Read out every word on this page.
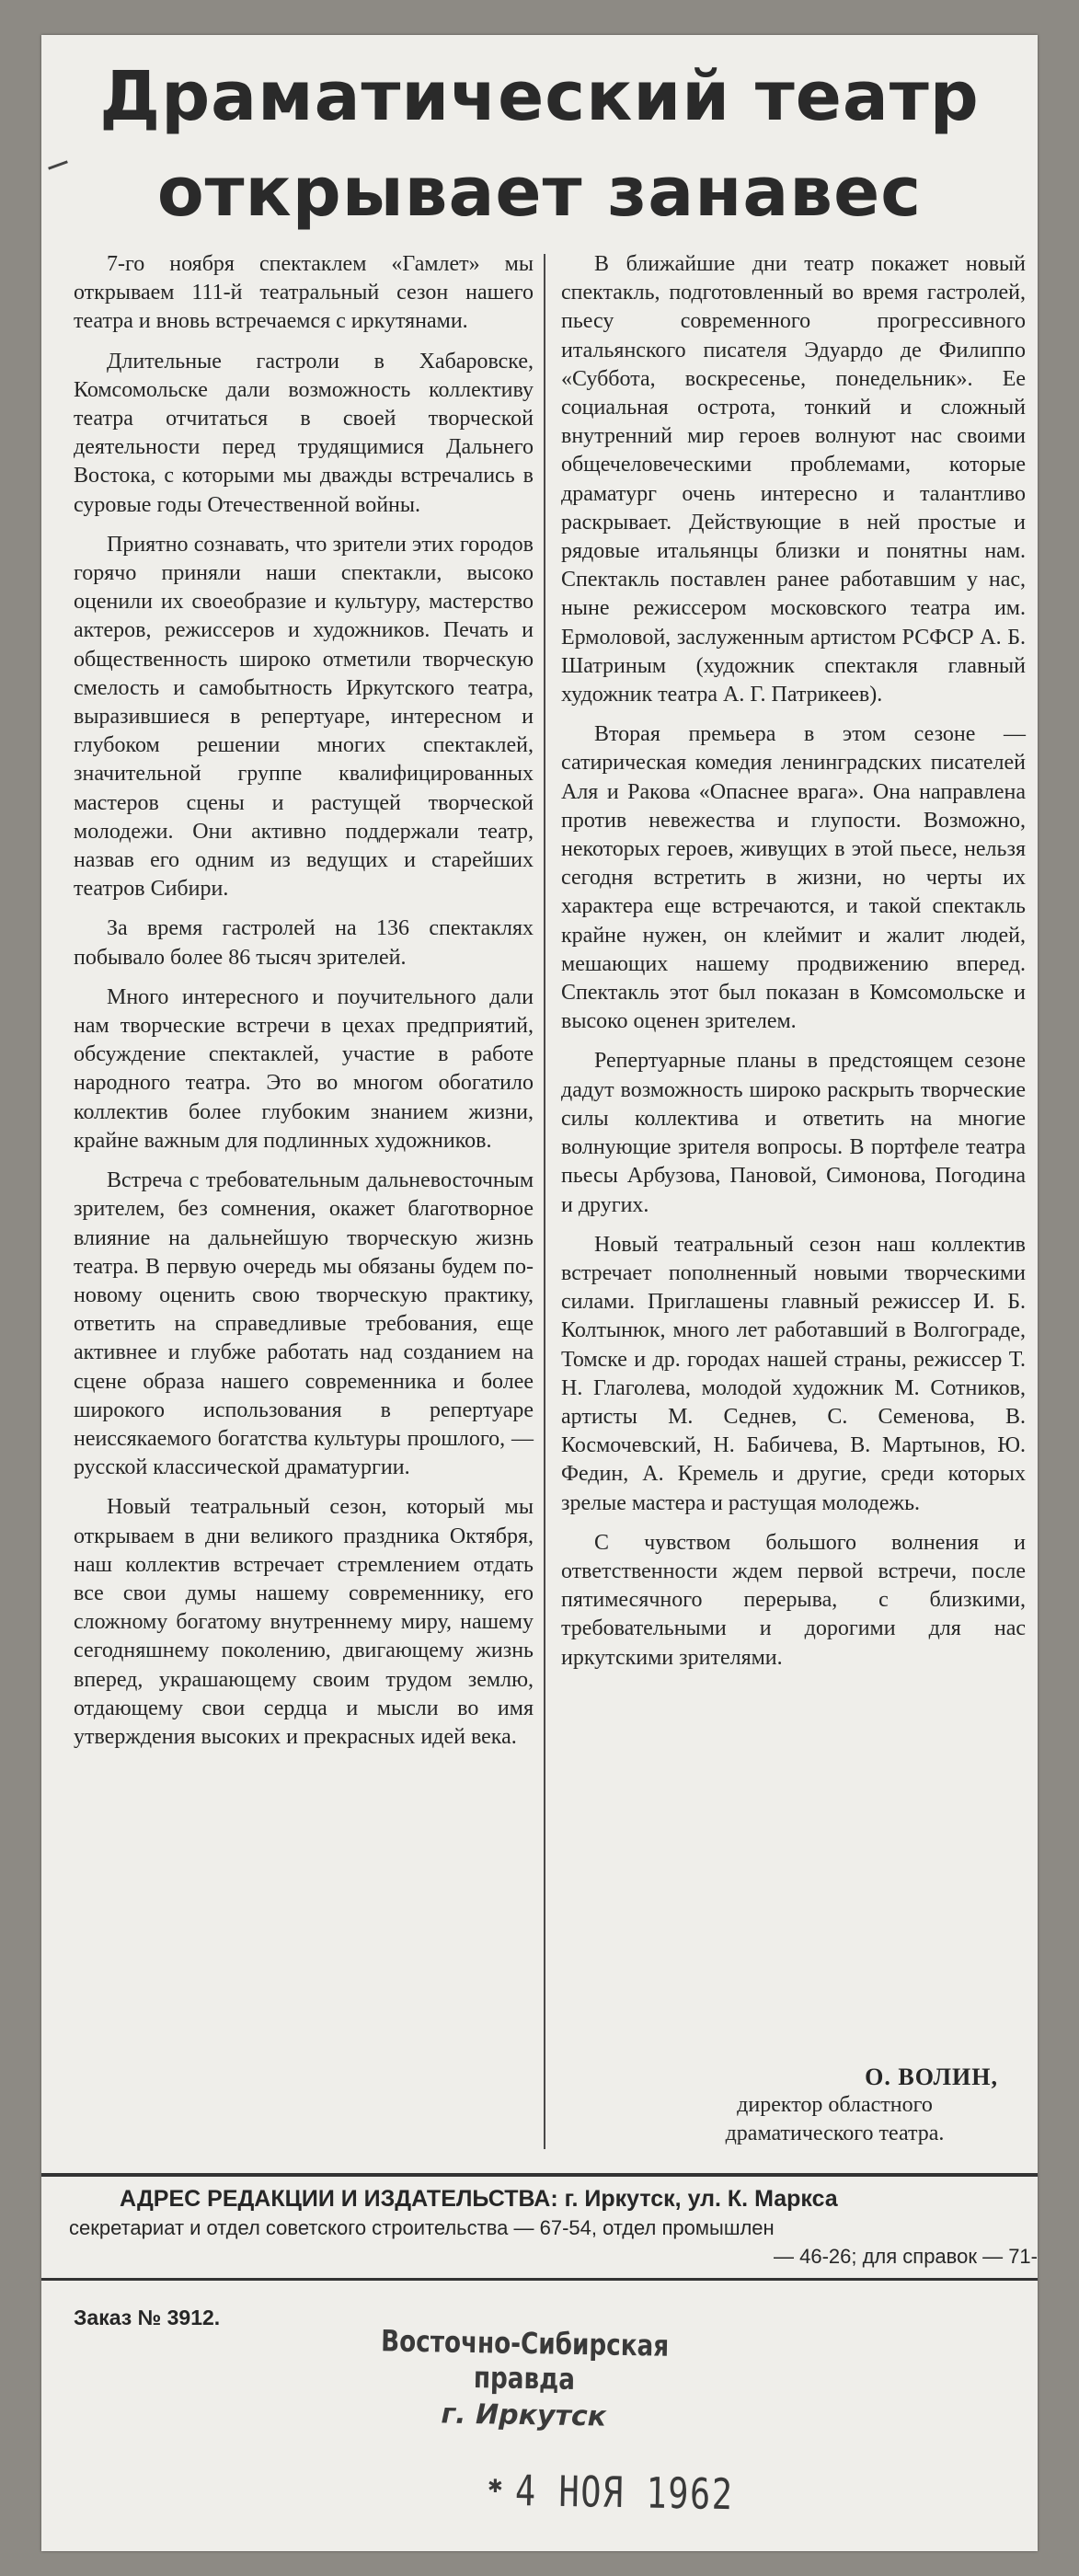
Драматический театр
открывает занавес

7-го ноября спектаклем «Гамлет» мы открываем 111-й театральный сезон нашего театра и вновь встречаемся с иркутянами.

Длительные гастроли в Хабаровске, Комсомольске дали возможность коллективу театра отчитаться в своей творческой деятельности перед трудящимися Дальнего Востока, с которыми мы дважды встречались в суровые годы Отечественной войны.

Приятно сознавать, что зрители этих городов горячо приняли наши спектакли, высоко оценили их своеобразие и культуру, мастерство актеров, режиссеров и художников. Печать и общественность широко отметили творческую смелость и самобытность Иркутского театра, выразившиеся в репертуаре, интересном и глубоком решении многих спектаклей, значительной группе квалифицированных мастеров сцены и растущей творческой молодежи. Они активно поддержали театр, назвав его одним из ведущих и старейших театров Сибири.

За время гастролей на 136 спектаклях побывало более 86 тысяч зрителей.

Много интересного и поучительного дали нам творческие встречи в цехах предприятий, обсуждение спектаклей, участие в работе народного театра. Это во многом обогатило коллектив более глубоким знанием жизни, крайне важным для подлинных художников.

Встреча с требовательным дальневосточным зрителем, без сомнения, окажет благотворное влияние на дальнейшую творческую жизнь театра. В первую очередь мы обязаны будем по-новому оценить свою творческую практику, ответить на справедливые требования, еще активнее и глубже работать над созданием на сцене образа нашего современника и более широкого использования в репертуаре неиссякаемого богатства культуры прошлого, — русской классической драматургии.

Новый театральный сезон, который мы открываем в дни великого праздника Октября, наш коллектив встречает стремлением отдать все свои думы нашему современнику, его сложному богатому внутреннему миру, нашему сегодняшнему поколению, двигающему жизнь вперед, украшающему своим трудом землю, отдающему свои сердца и мысли во имя утверждения высоких и прекрасных идей века.

В ближайшие дни театр покажет новый спектакль, подготовленный во время гастролей, пьесу современного прогрессивного итальянского писателя Эдуардо де Филиппо «Суббота, воскресенье, понедельник». Ее социальная острота, тонкий и сложный внутренний мир героев волнуют нас своими общечеловеческими проблемами, которые драматург очень интересно и талантливо раскрывает. Действующие в ней простые и рядовые итальянцы близки и понятны нам. Спектакль поставлен ранее работавшим у нас, ныне режиссером московского театра им. Ермоловой, заслуженным артистом РСФСР А. Б. Шатриным (художник спектакля главный художник театра А. Г. Патрикеев).

Вторая премьера в этом сезоне — сатирическая комедия ленинградских писателей Аля и Ракова «Опаснее врага». Она направлена против невежества и глупости. Возможно, некоторых героев, живущих в этой пьесе, нельзя сегодня встретить в жизни, но черты их характера еще встречаются, и такой спектакль крайне нужен, он клеймит и жалит людей, мешающих нашему продвижению вперед. Спектакль этот был показан в Комсомольске и высоко оценен зрителем.

Репертуарные планы в предстоящем сезоне дадут возможность широко раскрыть творческие силы коллектива и ответить на многие волнующие зрителя вопросы. В портфеле театра пьесы Арбузова, Пановой, Симонова, Погодина и других.

Новый театральный сезон наш коллектив встречает пополненный новыми творческими силами. Приглашены главный режиссер И. Б. Колтынюк, много лет работавший в Волгограде, Томске и др. городах нашей страны, режиссер Т. Н. Глаголева, молодой художник М. Сотников, артисты М. Седнев, С. Семенова, В. Космочевский, Н. Бабичева, В. Мартынов, Ю. Федин, А. Кремель и другие, среди которых зрелые мастера и растущая молодежь.

С чувством большого волнения и ответственности ждем первой встречи, после пятимесячного перерыва, с близкими, требовательными и дорогими для нас иркутскими зрителями.

О. ВОЛИН,
директор областного
драматического театра.
АДРЕС РЕДАКЦИИ И ИЗДАТЕЛЬСТВА: г. Иркутск, ул. К. Маркса
секретариат и отдел советского строительства — 67-54, отдел промышлен
— 46-26; для справок — 71-
Заказ № 3912.
Восточно-Сибирская правда
г. Иркутск
✱ 4 НОЯ 1962
